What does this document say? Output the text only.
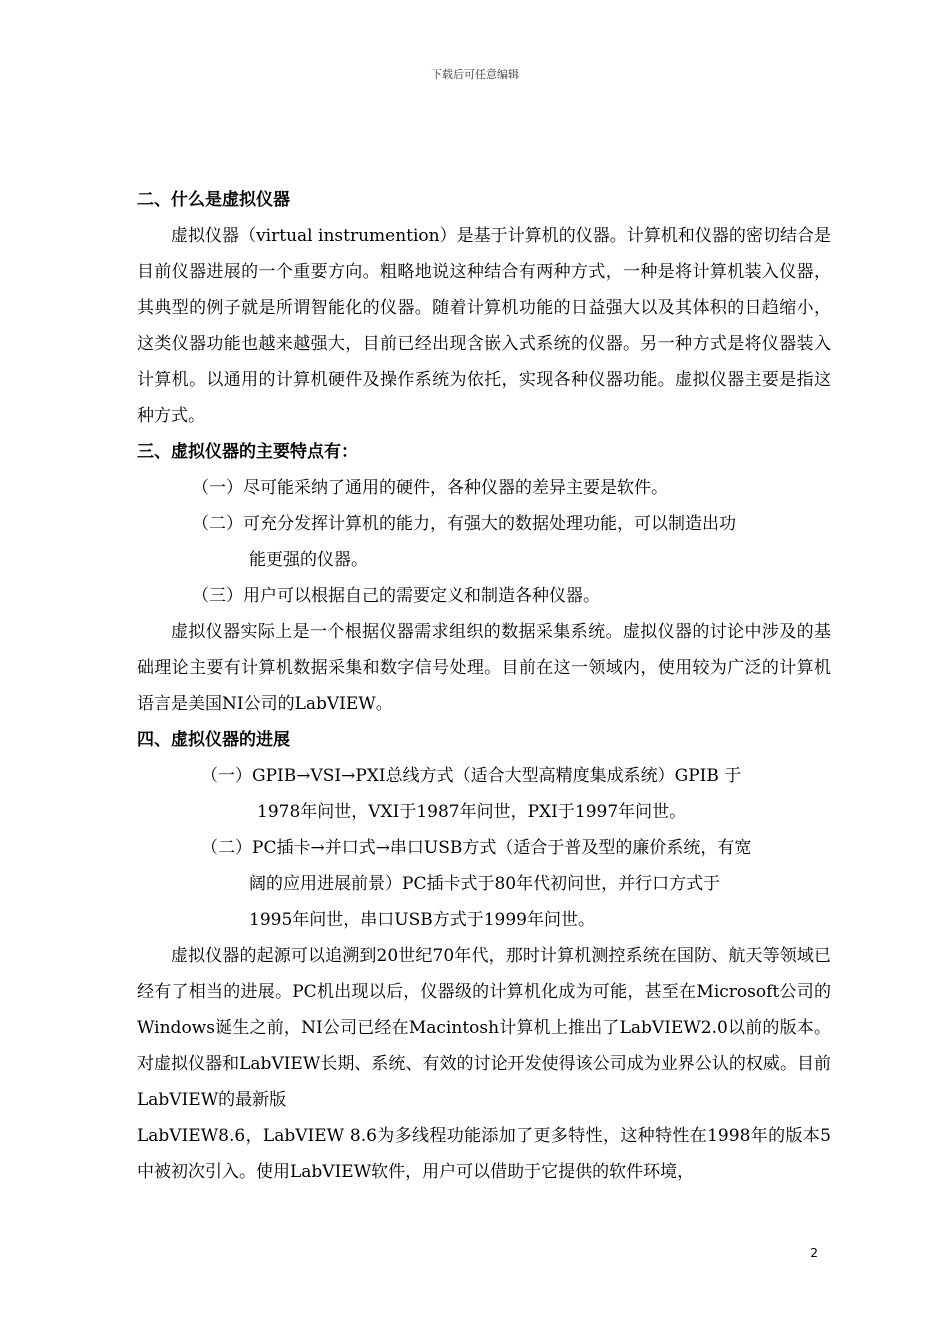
下载后可任意编辑

二、什么是虚拟仪器

虚拟仪器（virtual instrumention）是基于计算机的仪器。计算机和仪器的密切结合是目前仪器进展的一个重要方向。粗略地说这种结合有两种方式，一种是将计算机装入仪器，其典型的例子就是所谓智能化的仪器。随着计算机功能的日益强大以及其体积的日趋缩小，这类仪器功能也越来越强大，目前已经出现含嵌入式系统的仪器。另一种方式是将仪器装入计算机。以通用的计算机硬件及操作系统为依托，实现各种仪器功能。虚拟仪器主要是指这种方式。

三、虚拟仪器的主要特点有：

（一）尽可能采纳了通用的硬件，各种仪器的差异主要是软件。

（二）可充分发挥计算机的能力，有强大的数据处理功能，可以制造出功

能更强的仪器。

（三）用户可以根据自己的需要定义和制造各种仪器。

虚拟仪器实际上是一个根据仪器需求组织的数据采集系统。虚拟仪器的讨论中涉及的基础理论主要有计算机数据采集和数字信号处理。目前在这一领域内，使用较为广泛的计算机语言是美国NI公司的LabVIEW。

四、虚拟仪器的进展

（一）GPIB→VSI→PXI总线方式（适合大型高精度集成系统）GPIB 于

1978年问世，VXI于1987年问世，PXI于1997年问世。

（二）PC插卡→并口式→串口USB方式（适合于普及型的廉价系统，有宽

阔的应用进展前景）PC插卡式于80年代初问世，并行口方式于

1995年问世，串口USB方式于1999年问世。

虚拟仪器的起源可以追溯到20世纪70年代，那时计算机测控系统在国防、航天等领域已经有了相当的进展。PC机出现以后，仪器级的计算机化成为可能，甚至在Microsoft公司的Windows诞生之前，NI公司已经在Macintosh计算机上推出了LabVIEW2.0以前的版本。对虚拟仪器和LabVIEW长期、系统、有效的讨论开发使得该公司成为业界公认的权威。目前LabVIEW的最新版

LabVIEW8.6，LabVIEW 8.6为多线程功能添加了更多特性，这种特性在1998年的版本5中被初次引入。使用LabVIEW软件，用户可以借助于它提供的软件环境，

2
